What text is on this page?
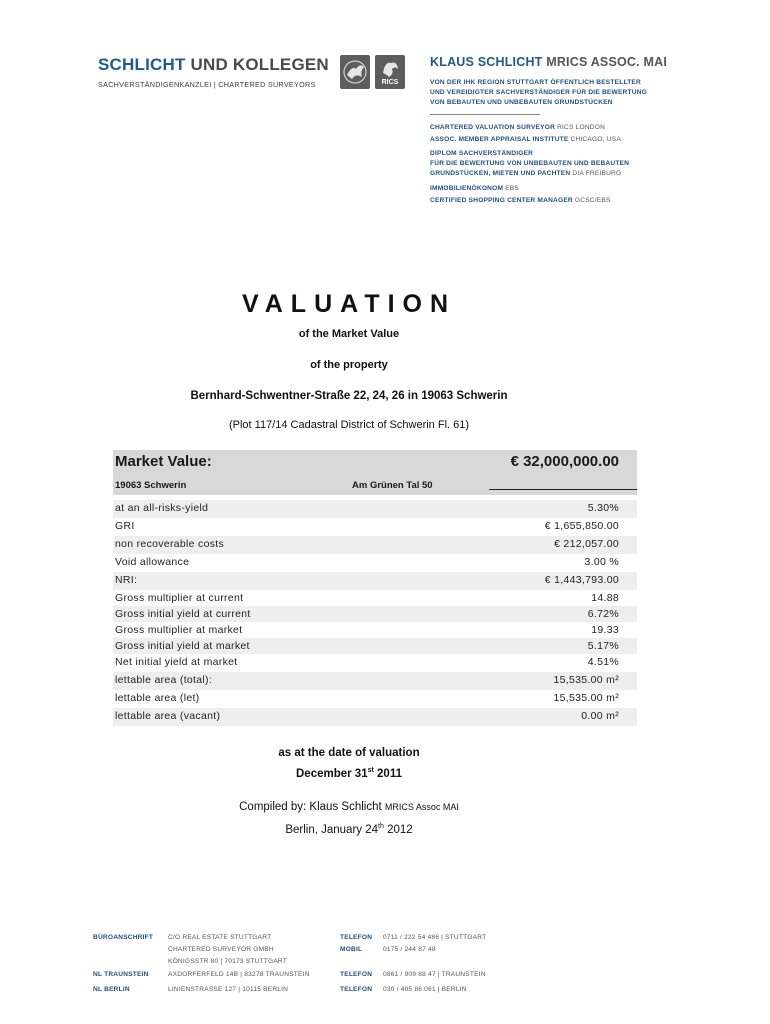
SCHLICHT UND KOLLEGEN
SACHVERSTÄNDIGENKANZLEI | CHARTERED SURVEYORS	RICS
KLAUS SCHLICHT MRICS ASSOC. MAI
VON DER IHK REGION STUTTGART ÖFFENTLICH BESTELLTER
UND VEREIDIGTER SACHVERSTÄNDIGER FÜR DIE BEWERTUNG
VON BEBAUTEN UND UNBEBAUTEN GRUNDSTÜCKEN
CHARTERED VALUATION SURVEYOR RICS LONDON
ASSOC. MEMBER APPRAISAL INSTITUTE CHICAGO, USA
DIPLOM SACHVERSTÄNDIGER
FÜR DIE BEWERTUNG VON UNBEBAUTEN UND BEBAUTEN
GRUNDSTÜCKEN, MIETEN UND PACHTEN DIA FREIBURG
IMMOBILIENÖKONOM EBS
CERTIFIED SHOPPING CENTER MANAGER GCSC/EBS
VALUATION
of the Market Value
of the property
Bernhard-Schwentner-Straße 22, 24, 26 in 19063 Schwerin
(Plot 117/14 Cadastral District of Schwerin Fl. 61)
Market Value:	€ 32,000,000.00
19063 Schwerin	Am Grünen Tal 50
at an all-risks-yield	5.30%
GRI	€ 1,655,850.00
non recoverable costs	€ 212,057.00
Void allowance	3.00 %
NRI:	€ 1,443,793.00
Gross multiplier at current	14.88
Gross initial yield at current	6.72%
Gross multiplier at market	19.33
Gross initial yield at market	5.17%
Net initial yield at market	4.51%
lettable area (total):	15,535.00 m²
lettable area (let)	15,535.00 m²
lettable area (vacant)	0.00 m²
as at the date of valuation
December 31st 2011
Compiled by: Klaus Schlicht MRICS Assoc MAI
Berlin, January 24th 2012
BÜROANSCHRIFT C/O REAL ESTATE STUTTGART
CHARTERED SURVEYOR GMBH
KÖNIGSSTR 80 | 70173 STUTTGART
TELEFON 0711 / 222 54 486 | STUTTGART
MOBIL	0175 / 244 87 48
NL TRAUNSTEIN	AXDORFERFELD 14B | 83278 TRAUNSTEIN	TELEFON 0861 / 909 88 47 | TRAUNSTEIN
NL BERLIN	LINIENSTRASSE 127 | 10115 BERLIN	TELEFON 030 / 405 86 061 | BERLIN
